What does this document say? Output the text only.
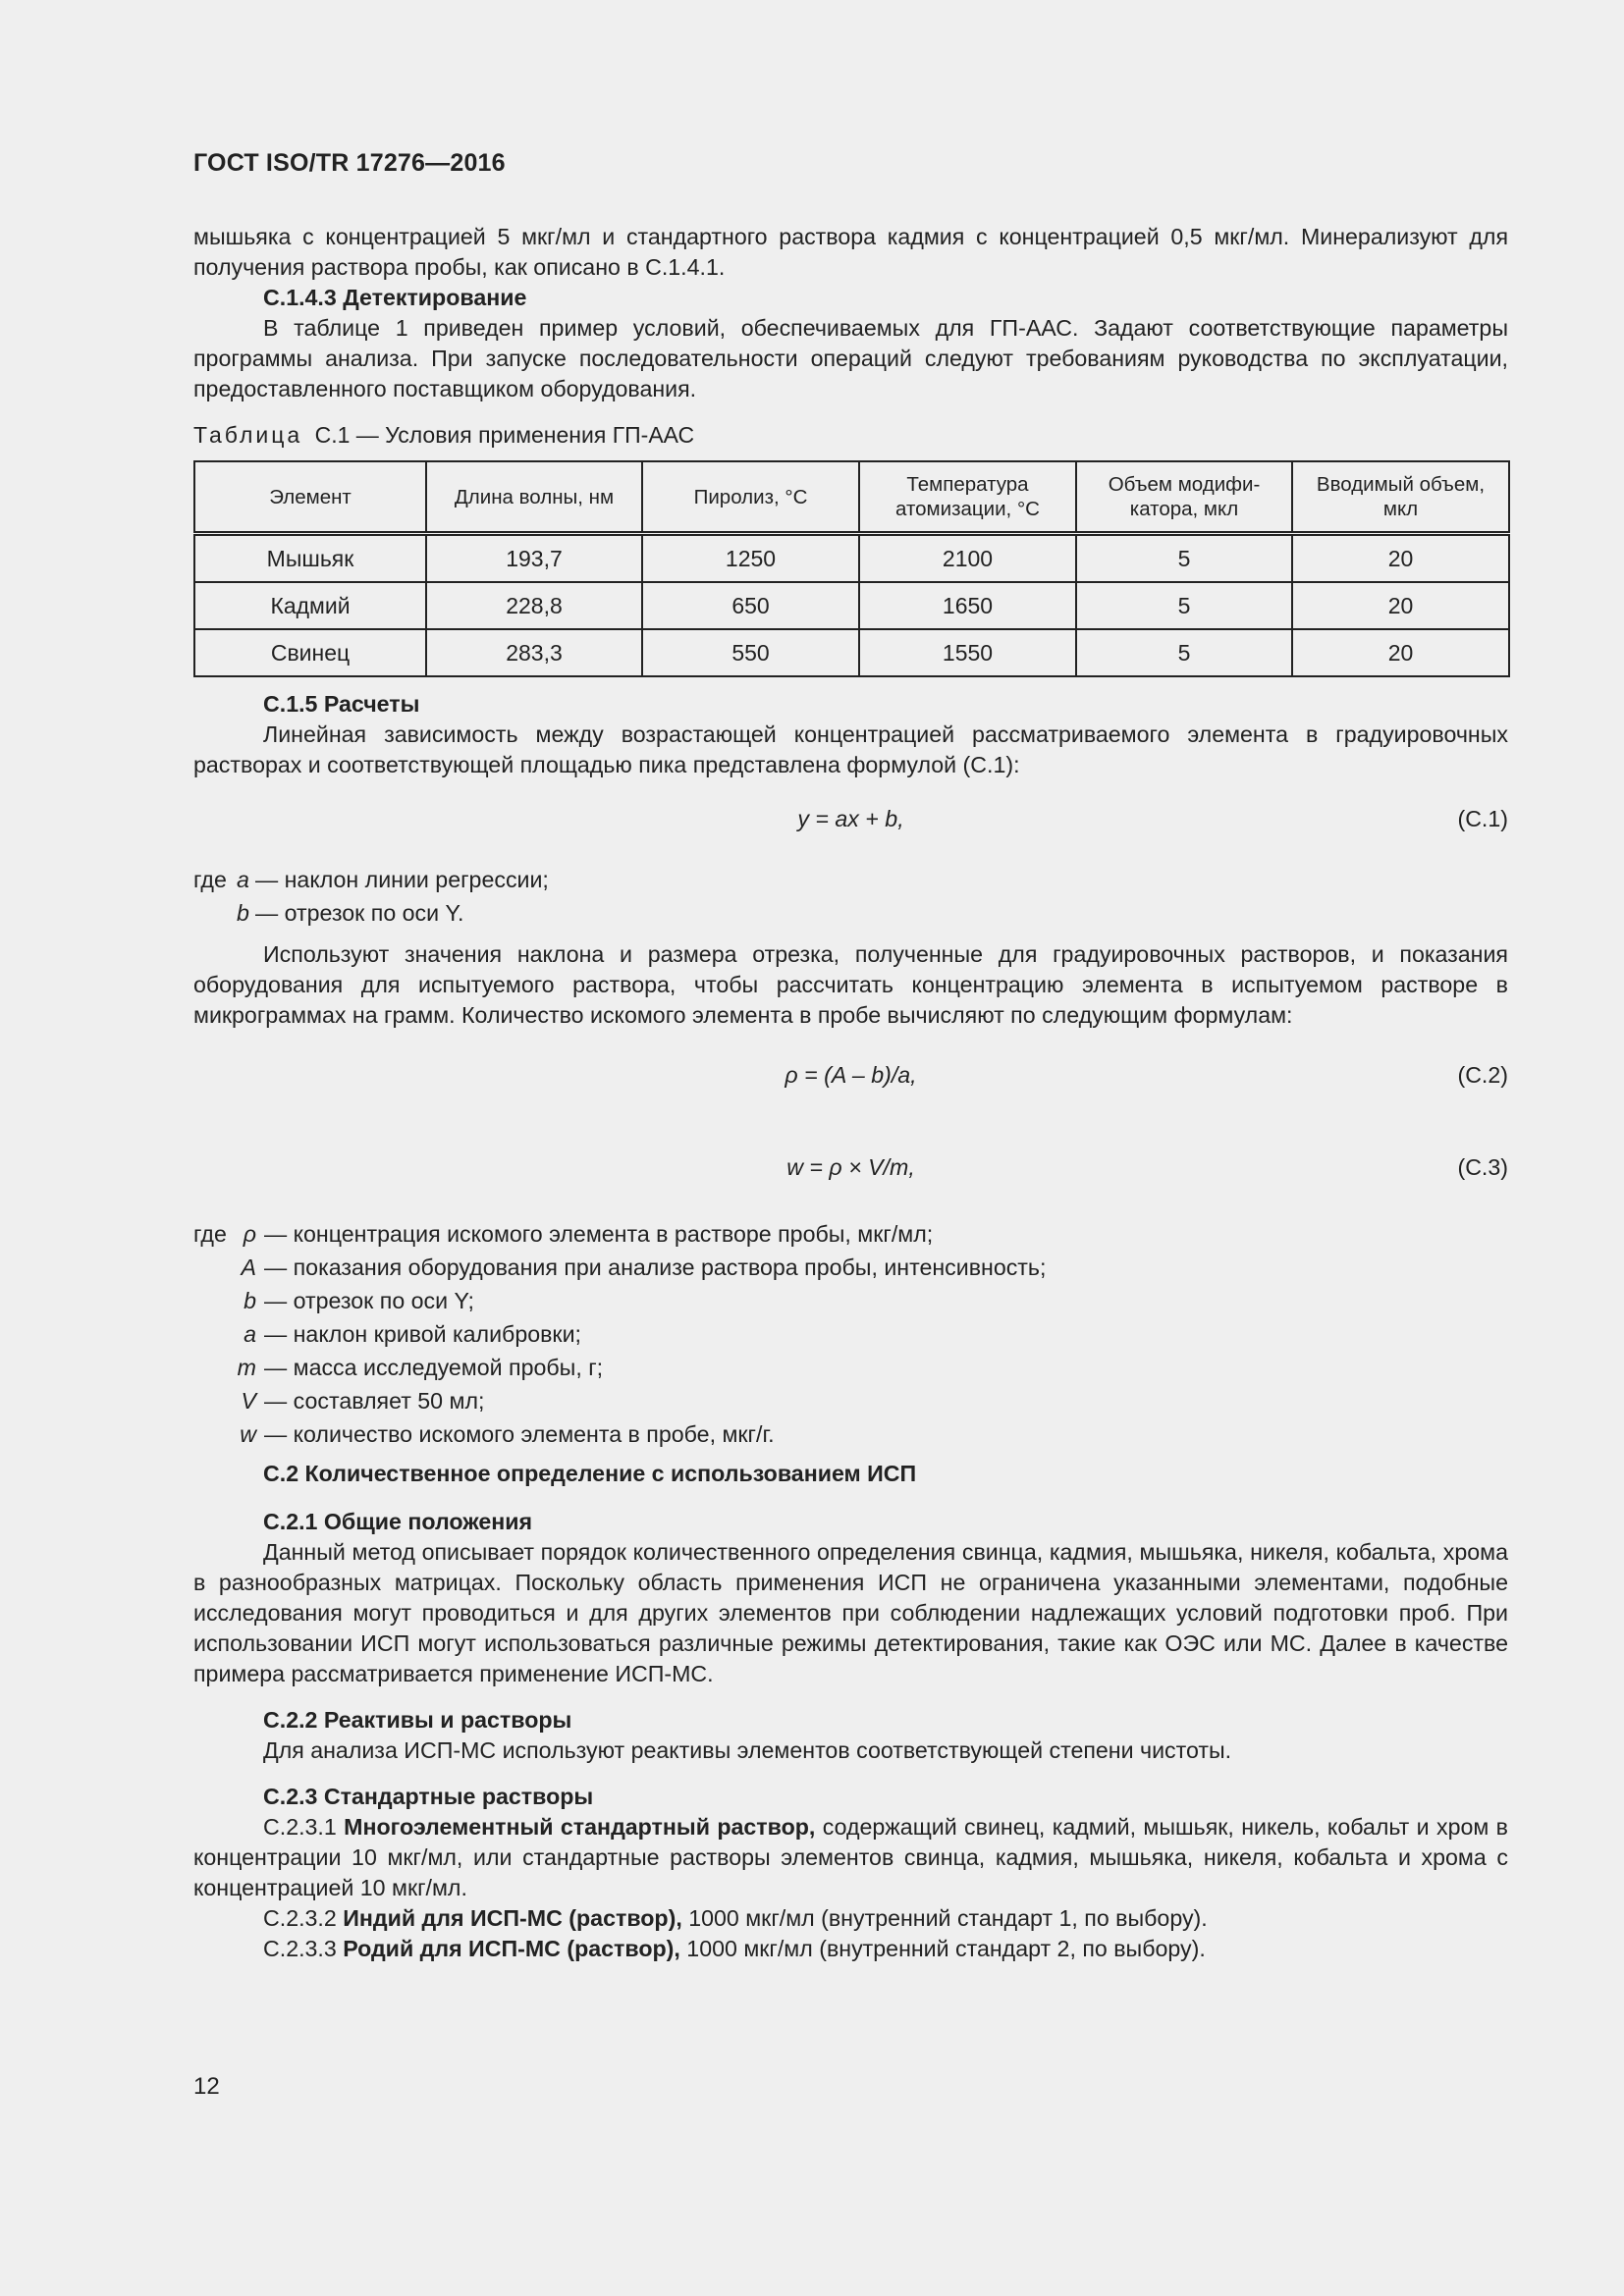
ГОСТ ISO/TR 17276—2016

мышьяка с концентрацией 5 мкг/мл и стандартного раствора кадмия с концентрацией 0,5 мкг/мл. Минерализуют для получения раствора пробы, как описано в С.1.4.1.

С.1.4.3 Детектирование

В таблице 1 приведен пример условий, обеспечиваемых для ГП-ААС. Задают соответствующие параметры программы анализа. При запуске последовательности операций следуют требованиям руководства по эксплуатации, предоставленного поставщиком оборудования.

Таблица С.1 — Условия применения ГП-ААС
Элемент	Длина волны, нм	Пиролиз, °С	Температура атомизации, °С	Объем модифи-катора, мкл	Вводимый объем, мкл
Мышьяк	193,7	1250	2100	5	20
Кадмий	228,8	650	1650	5	20
Свинец	283,3	550	1550	5	20

С.1.5 Расчеты

Линейная зависимость между возрастающей концентрацией рассматриваемого элемента в градуировочных растворах и соответствующей площадью пика представлена формулой (С.1):

y = ax + b,	(С.1)
где a — наклон линии регрессии;
b — отрезок по оси Y.

Используют значения наклона и размера отрезка, полученные для градуировочных растворов, и показания оборудования для испытуемого раствора, чтобы рассчитать концентрацию элемента в испытуемом растворе в микрограммах на грамм. Количество искомого элемента в пробе вычисляют по следующим формулам:

ρ = (A – b)/a,	(С.2)
w = ρ × V/m,	(С.3)
где ρ — концентрация искомого элемента в растворе пробы, мкг/мл;
A — показания оборудования при анализе раствора пробы, интенсивность;
b — отрезок по оси Y;
a — наклон кривой калибровки;
m — масса исследуемой пробы, г;
V — составляет 50 мл;
w — количество искомого элемента в пробе, мкг/г.

С.2 Количественное определение с использованием ИСП

С.2.1 Общие положения

Данный метод описывает порядок количественного определения свинца, кадмия, мышьяка, никеля, кобальта, хрома в разнообразных матрицах. Поскольку область применения ИСП не ограничена указанными элементами, подобные исследования могут проводиться и для других элементов при соблюдении надлежащих условий подготовки проб. При использовании ИСП могут использоваться различные режимы детектирования, такие как ОЭС или МС. Далее в качестве примера рассматривается применение ИСП-МС.

С.2.2 Реактивы и растворы

Для анализа ИСП-МС используют реактивы элементов соответствующей степени чистоты.

С.2.3 Стандартные растворы

С.2.3.1 Многоэлементный стандартный раствор, содержащий свинец, кадмий, мышьяк, никель, кобальт и хром в концентрации 10 мкг/мл, или стандартные растворы элементов свинца, кадмия, мышьяка, никеля, кобальта и хрома с концентрацией 10 мкг/мл.

С.2.3.2 Индий для ИСП-МС (раствор), 1000 мкг/мл (внутренний стандарт 1, по выбору).

С.2.3.3 Родий для ИСП-МС (раствор), 1000 мкг/мл (внутренний стандарт 2, по выбору).

12
